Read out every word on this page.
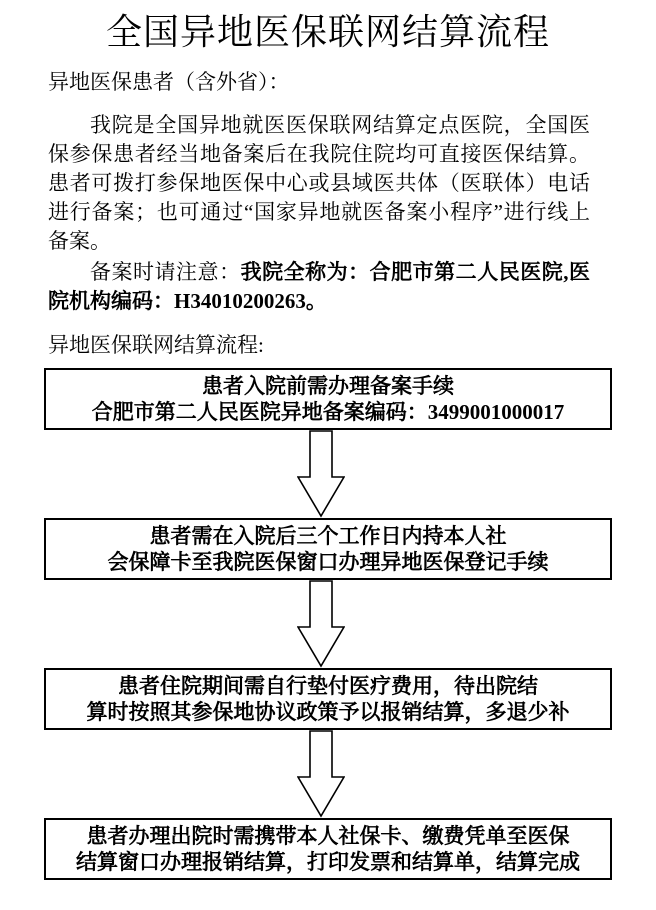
全国异地医保联网结算流程

异地医保患者（含外省）：

我院是全国异地就医医保联网结算定点医院，全国医保参保患者经当地备案后在我院住院均可直接医保结算。患者可拨打参保地医保中心或县域医共体（医联体）电话进行备案；也可通过“国家异地就医备案小程序”进行线上备案。

备案时请注意：我院全称为：合肥市第二人民医院,医院机构编码：H34010200263。

异地医保联网结算流程:

患者入院前需办理备案手续
合肥市第二人民医院异地备案编码：3499001000017
患者需在入院后三个工作日内持本人社
会保障卡至我院医保窗口办理异地医保登记手续
患者住院期间需自行垫付医疗费用，待出院结
算时按照其参保地协议政策予以报销结算，多退少补
患者办理出院时需携带本人社保卡、缴费凭单至医保
结算窗口办理报销结算，打印发票和结算单，结算完成
